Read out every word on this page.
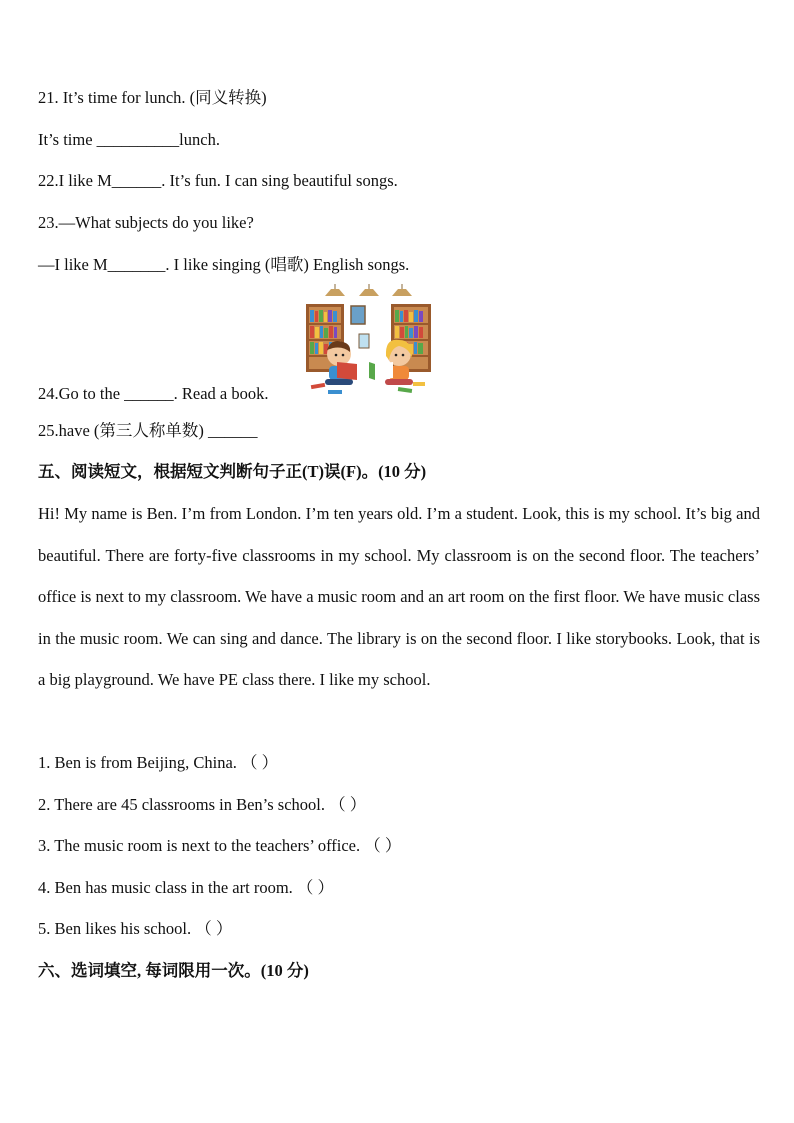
21. It’s time for lunch. (同义转换)
It’s time __________lunch.
22.I like M______. It’s fun. I can sing beautiful songs.
23.—What subjects do you like?
—I like M_______. I like singing (唱歌) English songs.
24.Go to the ______. Read a book.
25.have (第三人称单数) ______
五、阅读短文，根据短文判断句子正(T)误(F)。(10 分)
Hi! My name is Ben. I’m from London. I’m ten years old. I’m a student. Look, this is my school. It’s big and beautiful. There are forty-five classrooms in my school. My classroom is on the second floor. The teachers’ office is next to my classroom. We have a music room and an art room on the first floor. We have music class in the music room. We can sing and dance. The library is on the second floor. I like storybooks. Look, that is a big playground. We have PE class there. I like my school.
1. Ben is from Beijing, China. （ ）
2. There are 45 classrooms in Ben’s school. （ ）
3. The music room is next to the teachers’ office. （ ）
4. Ben has music class in the art room. （ ）
5. Ben likes his school. （ ）
六、选词填空, 每词限用一次。(10 分)
